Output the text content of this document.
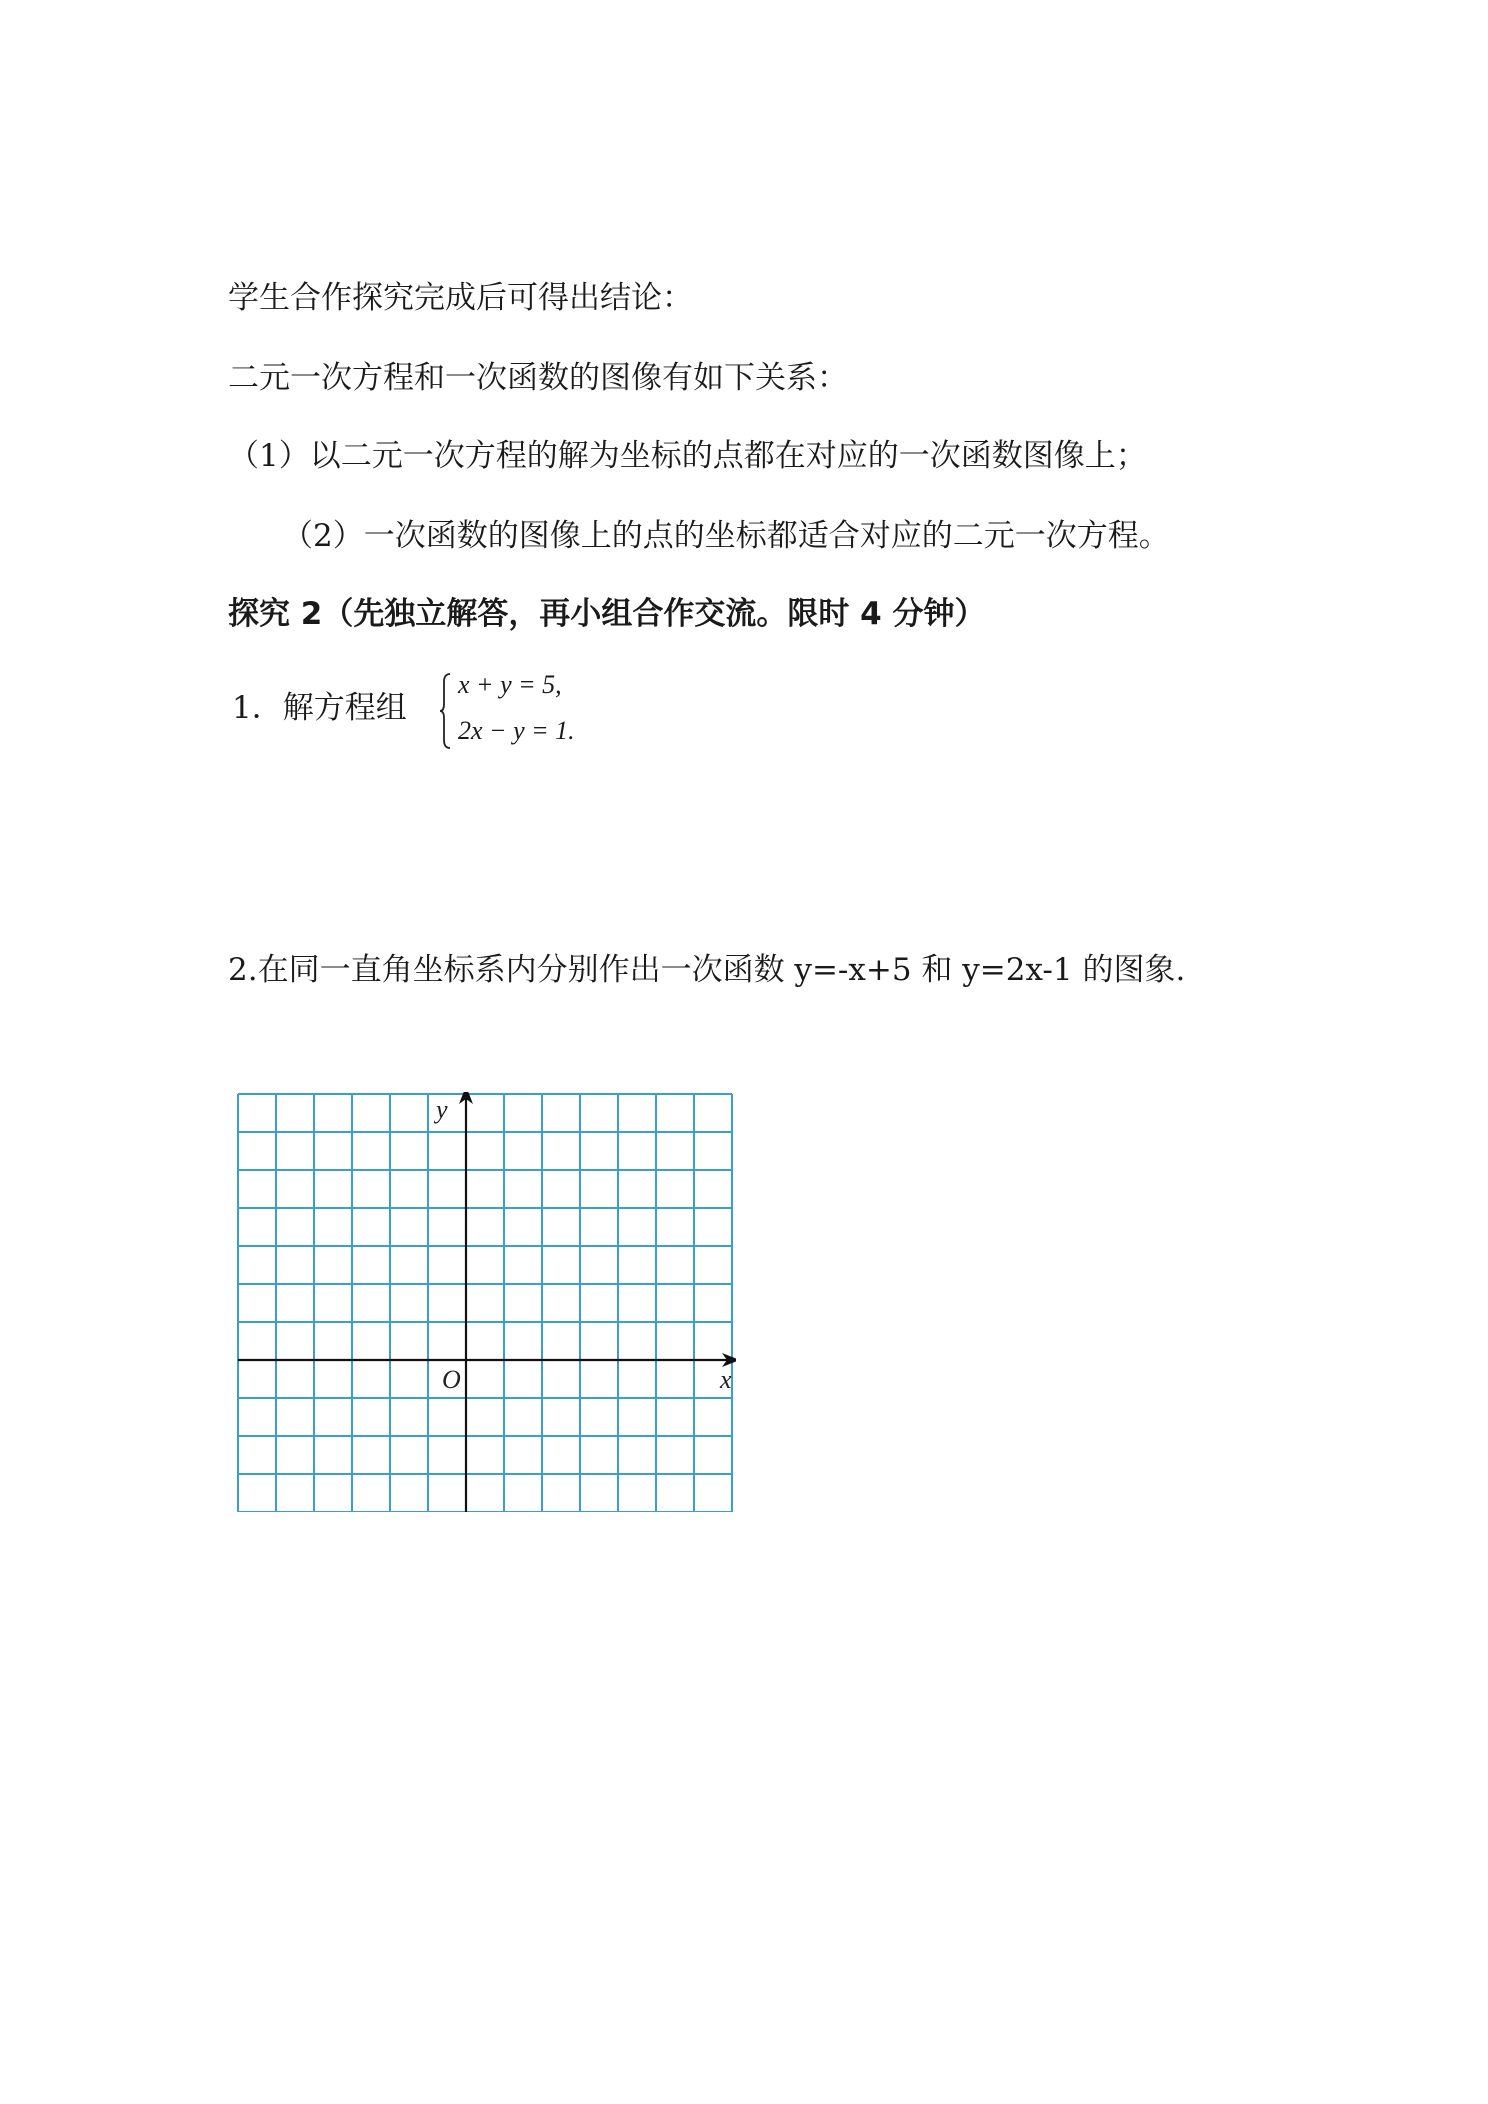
学生合作探究完成后可得出结论：
二元一次方程和一次函数的图像有如下关系：
（1）以二元一次方程的解为坐标的点都在对应的一次函数图像上；
（2）一次函数的图像上的点的坐标都适合对应的二元一次方程。
探究 2（先独立解答，再小组合作交流。限时 4 分钟）
1．解方程组
x + y = 5,
2x − y = 1.
2.在同一直角坐标系内分别作出一次函数 y=-x+5 和 y=2x-1 的图象.
x
y
O
